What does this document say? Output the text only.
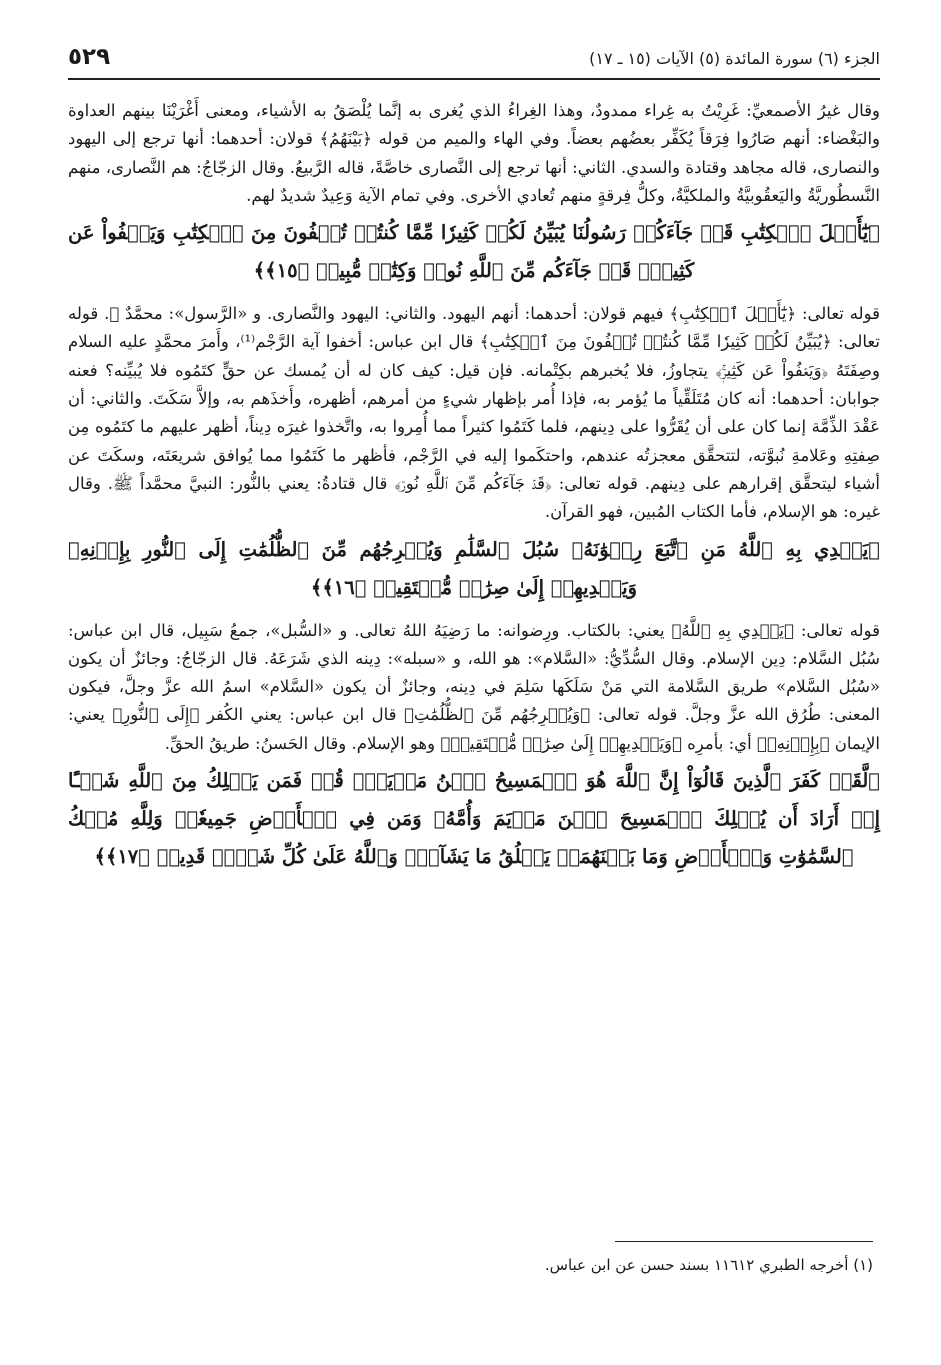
٥٢٩	الجزء (٦) سورة المائدة (٥) الآيات (١٥ ـ ١٧)

وقال غيرُ الأصمعيِّ: غَرِيْتُ به غِراء ممدودٌ، وهذا الغِراءُ الذي يُغرى به إنَّما يُلْصَقُ به الأشياء، ومعنى أَغْرَيْنَا بينهم العداوة والبَغْضاء: أنهم صَارُوا فِرَقاً يُكَفِّر بعضُهم بعضاً. وفي الهاء والميم من قوله ﴿بَيْنَهُمُ﴾ قولان: أحدهما: أنها ترجع إلى اليهود والنصارى، قاله مجاهد وقتادة والسدي. الثاني: أنها ترجع إلى النَّصارى خاصَّةً، قاله الرَّبيعُ. وقال الزجّاجُ: هم النَّصارى، منهم النَّسطُوريَّةُ واليَعقُوبيَّةُ والملكيَّةُ، وكلُّ فِرقةٍ منهم تُعادي الأخرى. وفي تمام الآية وَعِيدٌ شديدٌ لهم.

﴿يَٰٓأَهۡلَ ٱلۡكِتَٰبِ قَدۡ جَآءَكُمۡ رَسُولُنَا يُبَيِّنُ لَكُمۡ كَثِيرٗا مِّمَّا كُنتُمۡ تُخۡفُونَ مِنَ ٱلۡكِتَٰبِ وَيَعۡفُواْ عَن كَثِيرٖۚ قَدۡ جَآءَكُم مِّنَ ٱللَّهِ نُورٞ وَكِتَٰبٞ مُّبِينٞ ﴿١٥﴾﴾

قوله تعالى: ﴿يَٰٓأَهۡلَ ٱلۡكِتَٰبِ﴾ فيهم قولان: أحدهما: أنهم اليهود. والثاني: اليهود والنَّصارى. و «الرَّسول»: محمَّدٌ ﷺ. قوله تعالى: ﴿يُبَيِّنُ لَكُمۡ كَثِيرٗا مِّمَّا كُنتُمۡ تُخۡفُونَ مِنَ ٱلۡكِتَٰبِ﴾ قال ابن عباس: أخفوا آية الرَّجْم⁽¹⁾، وأَمرَ محمَّدٍ عليه السلام وصِفَتَهُ ﴿وَيَعۡفُواْ عَن كَثِيرٖۚ﴾ يتجاوزُ، فلا يُخبرهم بكِتْمانه. فإن قيل: كيف كان له أن يُمسك عن حقٍّ كتَمُوه فلا يُبيِّنه؟ فعنه جوابان: أحدهما: أنه كان مُتَلَقِّياً ما يُؤمر به، فإذا أُمر بإظهار شيءٍ من أمرهم، أظهره، وأَخذَهم به، وإلاَّ سَكَتَ. والثاني: أن عَقْدَ الذِّمَّة إنما كان على أن يُقَرُّوا على دِينهم، فلما كَتَمُوا كثيراً مما أُمِروا به، واتَّخذوا غيرَه دِيناً، أظهر عليهم ما كتَمُوه مِن صِفتِهِ وعَلامةِ نُبوَّته، لتتحقَّق معجزتُه عندهم، واحتكَموا إليه في الرَّجْم، فأظهر ما كَتَمُوا مما يُوافق شريعَتَه، وسكَتَ عن أشياء ليتحقَّق إقرارهم على دِينهم. قوله تعالى: ﴿قَدۡ جَآءَكُم مِّنَ ٱللَّهِ نُورٞ﴾ قال قتادةُ: يعني بالنُّور: النبيَّ محمَّداً ﷺ. وقال غيره: هو الإسلام، فأما الكتاب المُبين، فهو القرآن.

﴿يَهۡدِي بِهِ ٱللَّهُ مَنِ ٱتَّبَعَ رِضۡوَٰنَهُۥ سُبُلَ ٱلسَّلَٰمِ وَيُخۡرِجُهُم مِّنَ ٱلظُّلُمَٰتِ إِلَى ٱلنُّورِ بِإِذۡنِهِۦ وَيَهۡدِيهِمۡ إِلَىٰ صِرَٰطٖ مُّسۡتَقِيمٖ ﴿١٦﴾﴾

قوله تعالى: ﴿يَهۡدِي بِهِ ٱللَّهُ﴾ يعني: بالكتاب. ورِضوانه: ما رَضِيَهُ اللهُ تعالى. و «السُّبل»، جمعُ سَبِيل، قال ابن عباس: سُبُل السَّلام: دِين الإسلام. وقال السُّدِّيُّ: «السَّلام»: هو الله، و «سبله»: دِينه الذي شَرَعَهُ. قال الزجّاجُ: وجائزٌ أن يكون «سُبُل السَّلام» طريق السَّلامة التي مَنْ سَلَكَها سَلِمَ في دِينه، وجائزٌ أن يكون «السَّلام» اسمُ الله عزَّ وجلَّ، فيكون المعنى: طُرُق الله عزَّ وجلَّ. قوله تعالى: ﴿وَيُخۡرِجُهُم مِّنَ ٱلظُّلُمَٰتِ﴾ قال ابن عباس: يعني الكُفر ﴿إِلَى ٱلنُّورِ﴾ يعني: الإيمان ﴿بِإِذۡنِهِۦ﴾ أي: بأمرِه ﴿وَيَهۡدِيهِمۡ إِلَىٰ صِرَٰطٖ مُّسۡتَقِيمٖ﴾ وهو الإسلام. وقال الحَسنُ: طريقُ الحقِّ.

﴿لَّقَدۡ كَفَرَ ٱلَّذِينَ قَالُوٓاْ إِنَّ ٱللَّهَ هُوَ ٱلۡمَسِيحُ ٱبۡنُ مَرۡيَمَۚ قُلۡ فَمَن يَمۡلِكُ مِنَ ٱللَّهِ شَيۡـًٔا إِنۡ أَرَادَ أَن يُهۡلِكَ ٱلۡمَسِيحَ ٱبۡنَ مَرۡيَمَ وَأُمَّهُۥ وَمَن فِي ٱلۡأَرۡضِ جَمِيعٗاۗ وَلِلَّهِ مُلۡكُ ٱلسَّمَٰوَٰتِ وَٱلۡأَرۡضِ وَمَا بَيۡنَهُمَاۚ يَخۡلُقُ مَا يَشَآءُۚ وَٱللَّهُ عَلَىٰ كُلِّ شَيۡءٖ قَدِيرٞ ﴿١٧﴾﴾

(١) أخرجه الطبري ١١٦١٢ بسند حسن عن ابن عباس.
